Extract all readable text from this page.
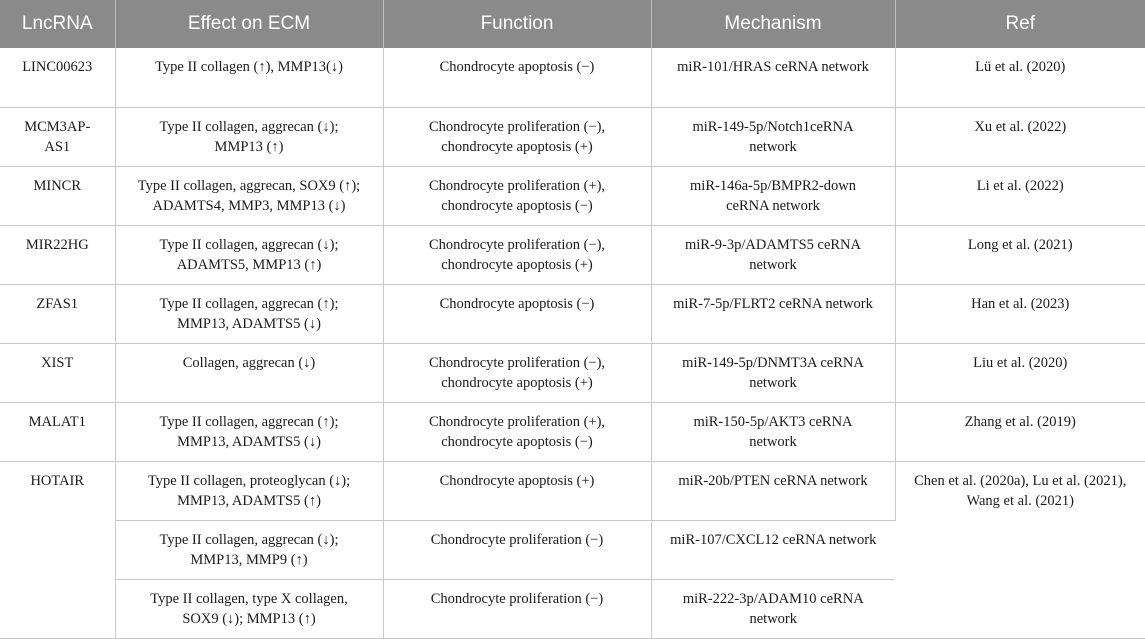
LncRNA	Effect on ECM	Function	Mechanism	Ref

LINC00623	Type II collagen (↑), MMP13(↓)	Chondrocyte apoptosis (−)	miR-101/HRAS ceRNA network	Lü et al. (2020)

MCM3AP-
AS1	Type II collagen, aggrecan (↓);
MMP13 (↑)	Chondrocyte proliferation (−),
chondrocyte apoptosis (+)	miR-149-5p/Notch1ceRNA
network	Xu et al. (2022)

MINCR	Type II collagen, aggrecan, SOX9 (↑);
ADAMTS4, MMP3, MMP13 (↓)	Chondrocyte proliferation (+),
chondrocyte apoptosis (−)	miR-146a-5p/BMPR2-down
ceRNA network	Li et al. (2022)

MIR22HG	Type II collagen, aggrecan (↓);
ADAMTS5, MMP13 (↑)	Chondrocyte proliferation (−),
chondrocyte apoptosis (+)	miR-9-3p/ADAMTS5 ceRNA
network	Long et al. (2021)

ZFAS1	Type II collagen, aggrecan (↑);
MMP13, ADAMTS5 (↓)	Chondrocyte apoptosis (−)	miR-7-5p/FLRT2 ceRNA network	Han et al. (2023)

XIST	Collagen, aggrecan (↓)	Chondrocyte proliferation (−),
chondrocyte apoptosis (+)	miR-149-5p/DNMT3A ceRNA
network	Liu et al. (2020)

MALAT1	Type II collagen, aggrecan (↑);
MMP13, ADAMTS5 (↓)	Chondrocyte proliferation (+),
chondrocyte apoptosis (−)	miR-150-5p/AKT3 ceRNA
network	Zhang et al. (2019)

HOTAIR	Type II collagen, proteoglycan (↓);
MMP13, ADAMTS5 (↑)	Chondrocyte apoptosis (+)	miR-20b/PTEN ceRNA network	Chen et al. (2020a), Lu et al. (2021),
Wang et al. (2021)

	Type II collagen, aggrecan (↓);
MMP13, MMP9 (↑)	Chondrocyte proliferation (−)	miR-107/CXCL12 ceRNA network	

	Type II collagen, type X collagen,
SOX9 (↓); MMP13 (↑)	Chondrocyte proliferation (−)	miR-222-3p/ADAM10 ceRNA
network	
